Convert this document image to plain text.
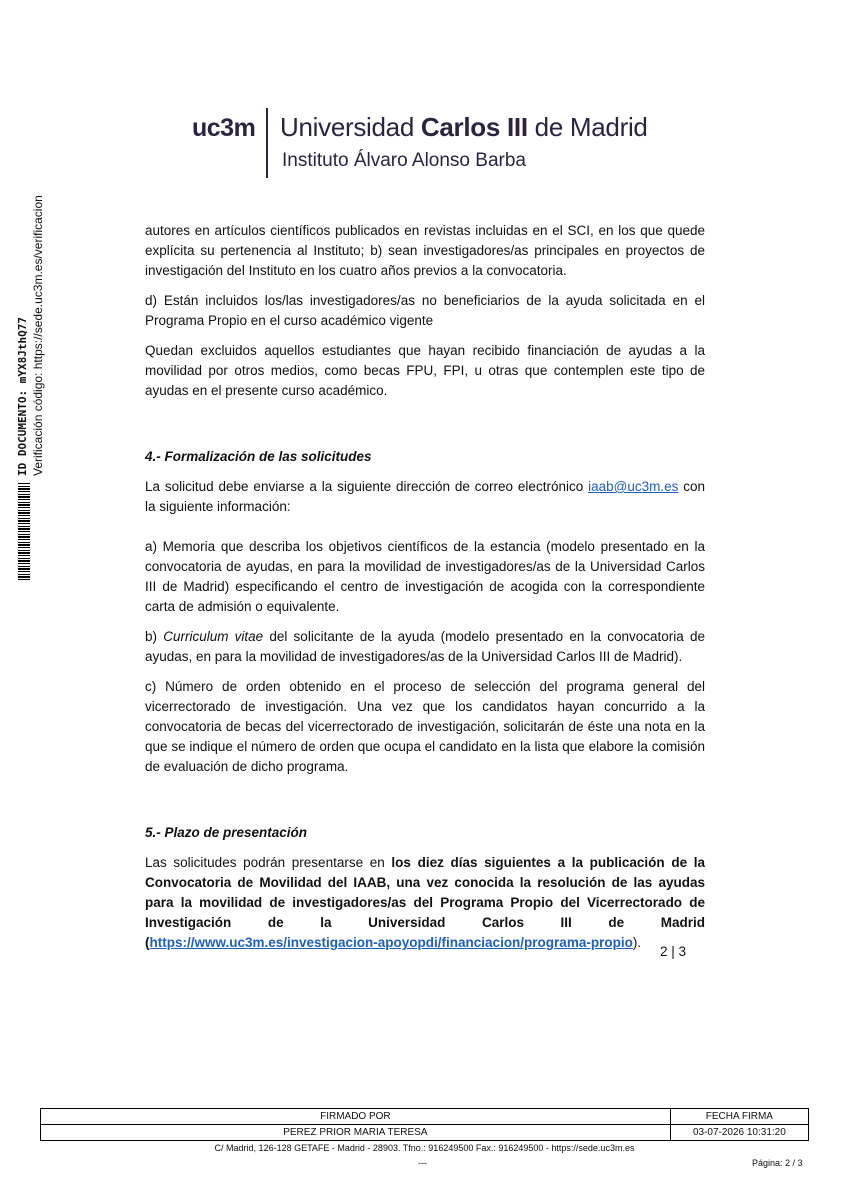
uc3m Universidad Carlos III de Madrid
Instituto Álvaro Alonso Barba
ID DOCUMENTO: mYX8JthQ77 Verificación código: https://sede.uc3m.es/verificacion	autores en artículos científicos publicados en revistas incluidas en el SCI, en los que quede explícita su pertenencia al Instituto; b) sean investigadores/as principales en proyectos de investigación del Instituto en los cuatro años previos a la convocatoria.

d) Están incluidos los/las investigadores/as no beneficiarios de la ayuda solicitada en el Programa Propio en el curso académico vigente

Quedan excluidos aquellos estudiantes que hayan recibido financiación de ayudas a la movilidad por otros medios, como becas FPU, FPI, u otras que contemplen este tipo de ayudas en el presente curso académico.

4.- Formalización de las solicitudes

La solicitud debe enviarse a la siguiente dirección de correo electrónico iaab@uc3m.es con la siguiente información:

a) Memoria que describa los objetivos científicos de la estancia (modelo presentado en la convocatoria de ayudas, en para la movilidad de investigadores/as de la Universidad Carlos III de Madrid) especificando el centro de investigación de acogida con la correspondiente carta de admisión o equivalente.

b) Curriculum vitae del solicitante de la ayuda (modelo presentado en la convocatoria de ayudas, en para la movilidad de investigadores/as de la Universidad Carlos III de Madrid).

c) Número de orden obtenido en el proceso de selección del programa general del vicerrectorado de investigación. Una vez que los candidatos hayan concurrido a la convocatoria de becas del vicerrectorado de investigación, solicitarán de éste una nota en la que se indique el número de orden que ocupa el candidato en la lista que elabore la comisión de evaluación de dicho programa.

5.- Plazo de presentación

Las solicitudes podrán presentarse en los diez días siguientes a la publicación de la Convocatoria de Movilidad del IAAB, una vez conocida la resolución de las ayudas para la movilidad de investigadores/as del Programa Propio del Vicerrectorado de Investigación de la Universidad Carlos III de Madrid (https://www.uc3m.es/investigacion-apoyopdi/financiacion/programa-propio).

2 | 3
FIRMADO POR	FECHA FIRMA
PEREZ PRIOR MARIA TERESA	03-07-2026 10:31:20
C/ Madrid, 126-128 GETAFE - Madrid - 28903. Tfno.: 916249500 Fax.: 916249500 - https://sede.uc3m.es
---	Página: 2 / 3
